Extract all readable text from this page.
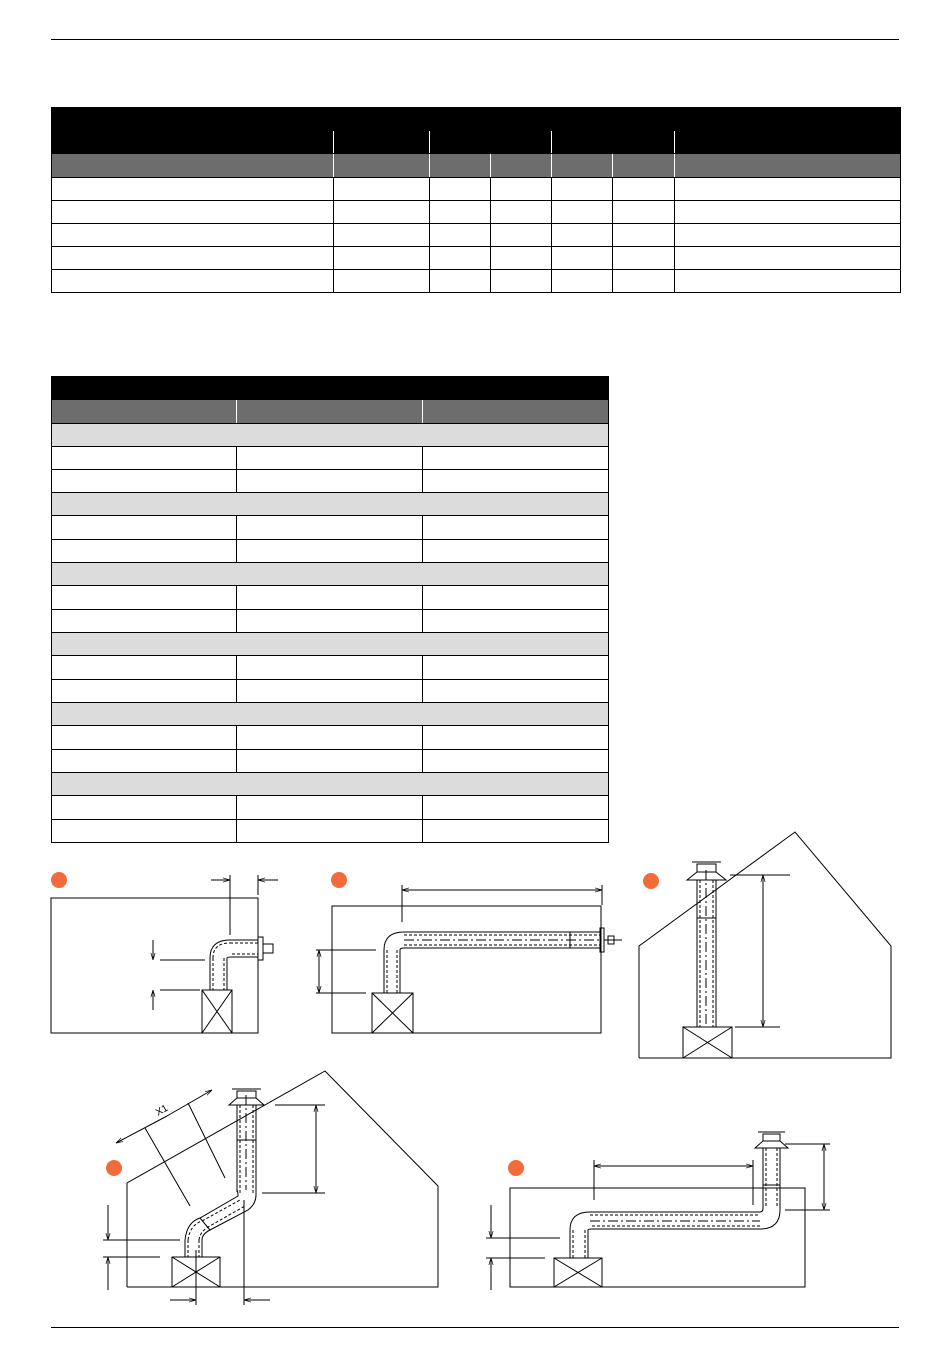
X1
